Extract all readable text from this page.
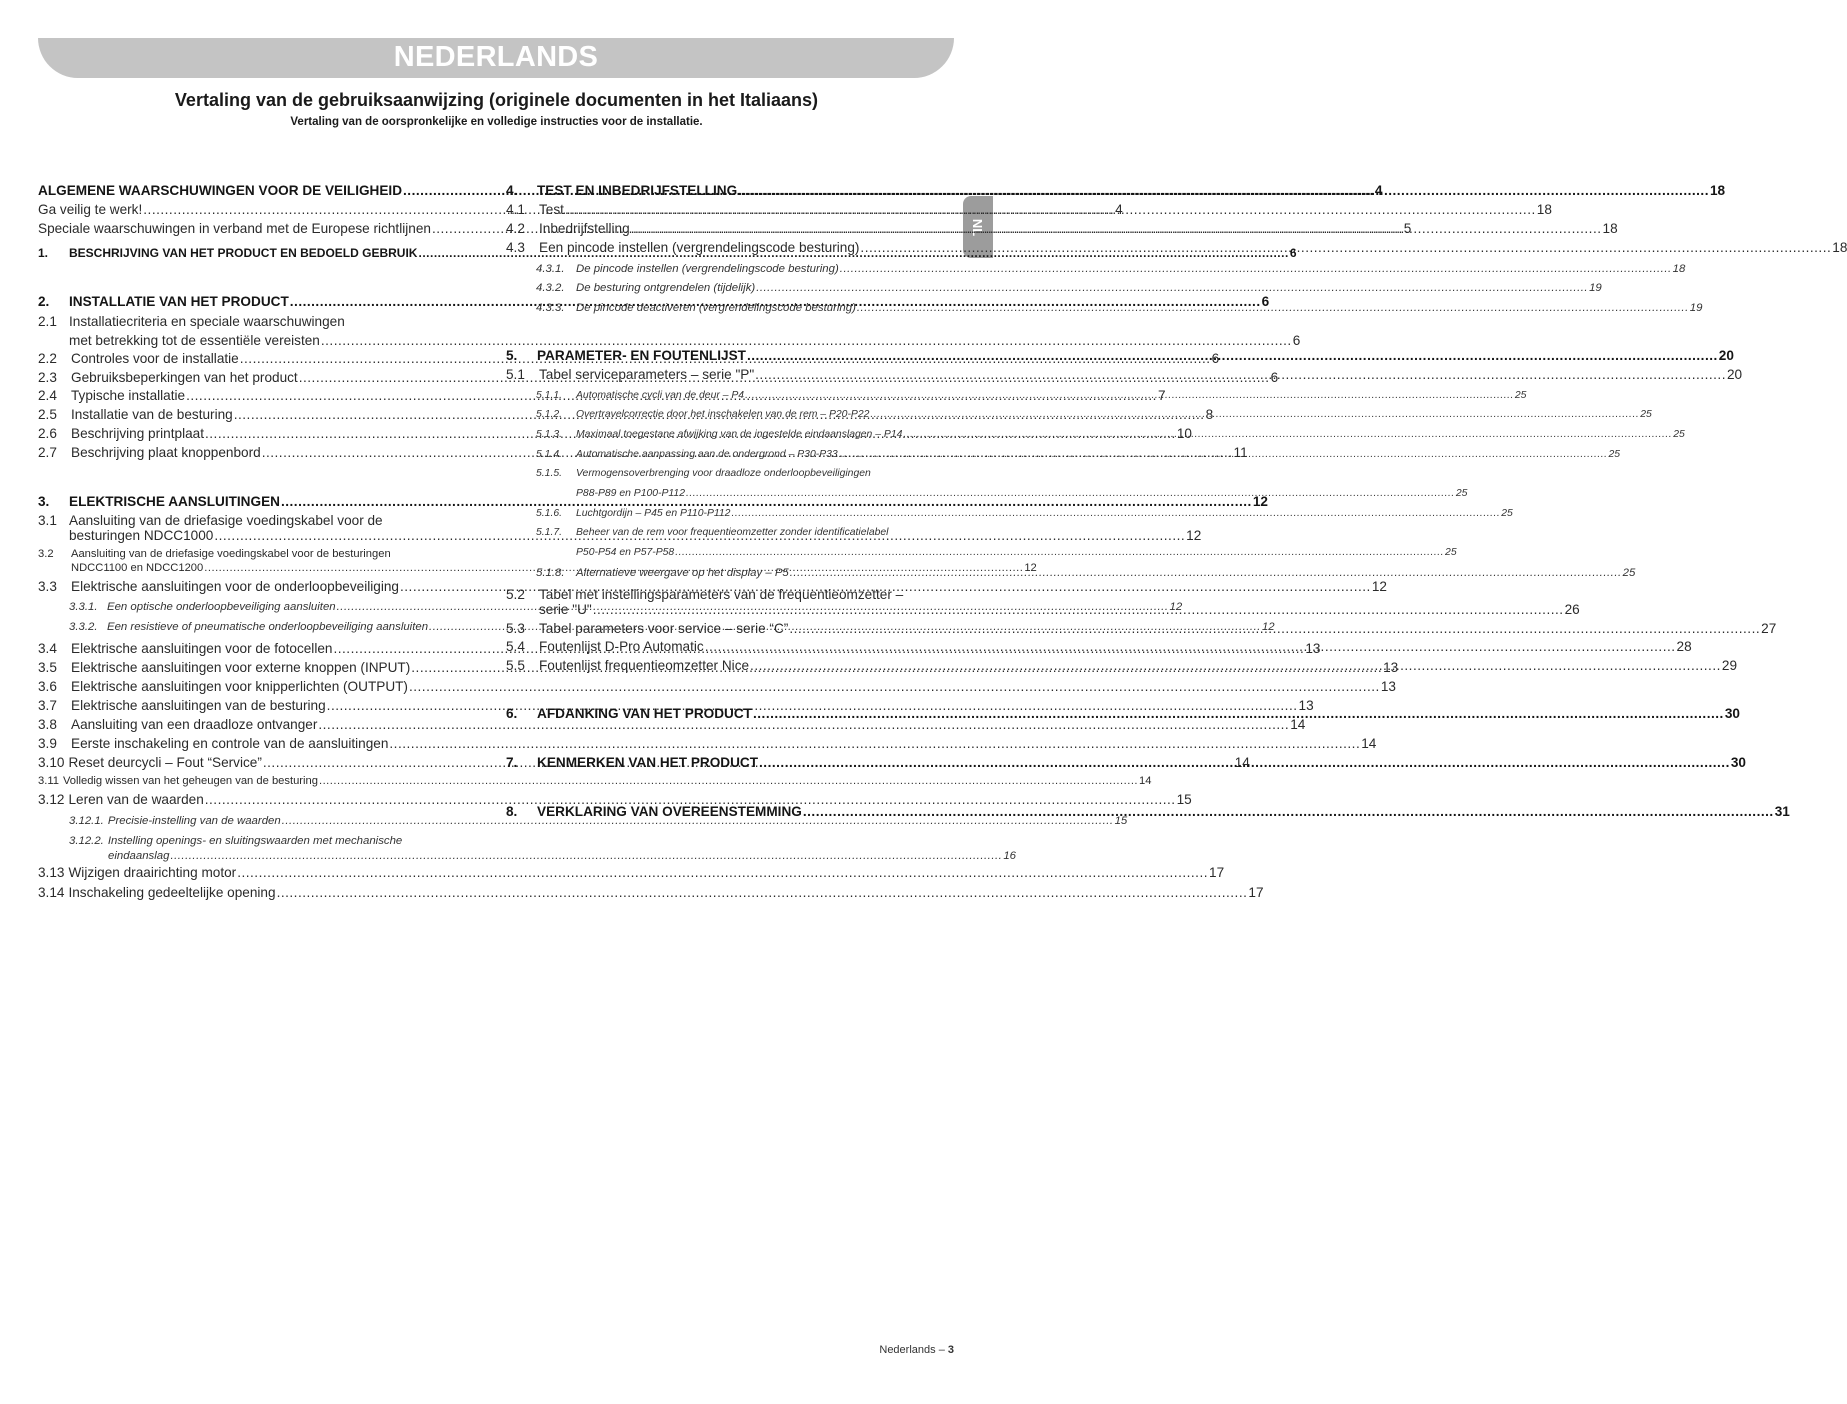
NEDERLANDS
Vertaling van de gebruiksaanwijzing (originele documenten in het Italiaans)
Vertaling van de oorspronkelijke en volledige instructies voor de installatie.
NL
ALGEMENE WAARSCHUWINGEN VOOR DE VEILIGHEID .....	4
Ga veilig te werk! .....	4
Speciale waarschuwingen in verband met de Europese richtlijnen .....	5
1.	BESCHRIJVING VAN HET PRODUCT EN BEDOELD GEBRUIK .....	6
2.	INSTALLATIE VAN HET PRODUCT .....	6
2.1 Installatiecriteria en speciale waarschuwingen
met betrekking tot de essentiële vereisten .....	6
2.2	Controles voor de installatie .....	6
2.3	Gebruiksbeperkingen van het product .....	6
2.4	Typische installatie .....	7
2.5	Installatie van de besturing .....	8
2.6	Beschrijving printplaat .....	10
2.7	Beschrijving plaat knoppenbord .....	11
3.	ELEKTRISCHE AANSLUITINGEN .....	12
3.1 Aansluiting van de driefasige voedingskabel voor de
besturingen NDCC1000 .....	12
3.2	Aansluiting van de driefasige voedingskabel voor de besturingen
NDCC1100 en NDCC1200 .....	12
3.3	Elektrische aansluitingen voor de onderloopbeveiliging .....	12
3.3.1. Een optische onderloopbeveiliging aansluiten .....	12
3.3.2. Een resistieve of pneumatische onderloopbeveiliging aansluiten .....	12
3.4	Elektrische aansluitingen voor de fotocellen .....	13
3.5	Elektrische aansluitingen voor externe knoppen (INPUT) .....	13
3.6	Elektrische aansluitingen voor knipperlichten (OUTPUT) .....	13
3.7	Elektrische aansluitingen van de besturing .....	13
3.8	Aansluiting van een draadloze ontvanger .....	14
3.9	Eerste inschakeling en controle van de aansluitingen .....	14
3.10 Reset deurcycli – Fout “Service” .....	14
3.11 Volledig wissen van het geheugen van de besturing .....	14
3.12 Leren van de waarden .....	15
3.12.1. Precisie-instelling van de waarden .....	15
3.12.2. Instelling openings- en sluitingswaarden met mechanische
eindaanslag .....	16
3.13 Wijzigen draairichting motor .....	17
3.14 Inschakeling gedeeltelijke opening .....	17
4.	TEST EN INBEDRIJFSTELLING .....	18
4.1	Test .....	18
4.2	Inbedrijfstelling .....	18
4.3	Een pincode instellen (vergrendelingscode besturing) .....	18
4.3.1.	De pincode instellen (vergrendelingscode besturing) .....	18
4.3.2.	De besturing ontgrendelen (tijdelijk) .....	19
4.3.3.	De pincode deactiveren (vergrendelingscode besturing) .....	19
5.	PARAMETER- EN FOUTENLIJST .....	20
5.1	Tabel serviceparameters – serie "P" .....	20
5.1.1.	Automatische cycli van de deur – P4 .....	25
5.1.2.	Overtravelcorrectie door het inschakelen van de rem – P20-P22 .....	25
5.1.3.	Maximaal toegestane afwijking van de ingestelde eindaanslagen – P14 .....	25
5.1.4.	Automatische aanpassing aan de ondergrond – P30-P33 .....	25
5.1.5.	Vermogensoverbrenging voor draadloze onderloopbeveiligingen
P88-P89 en P100-P112 .....	25
5.1.6.	Luchtgordijn – P45 en P110-P112 .....	25
5.1.7.	Beheer van de rem voor frequentieomzetter zonder identificatielabel
P50-P54 en P57-P58 .....	25
5.1.8.	Alternatieve weergave op het display – P5 .....	25
5.2	Tabel met instellingsparameters van de frequentieomzetter –
serie "U" .....	26
5.3	Tabel parameters voor service – serie “C” .....	27
5.4	Foutenlijst D-Pro Automatic .....	28
5.5	Foutenlijst frequentieomzetter Nice .....	29
6.	AFDANKING VAN HET PRODUCT .....	30
7.	KENMERKEN VAN HET PRODUCT .....	30
8.	VERKLARING VAN OVEREENSTEMMING .....	31
Nederlands – 3
